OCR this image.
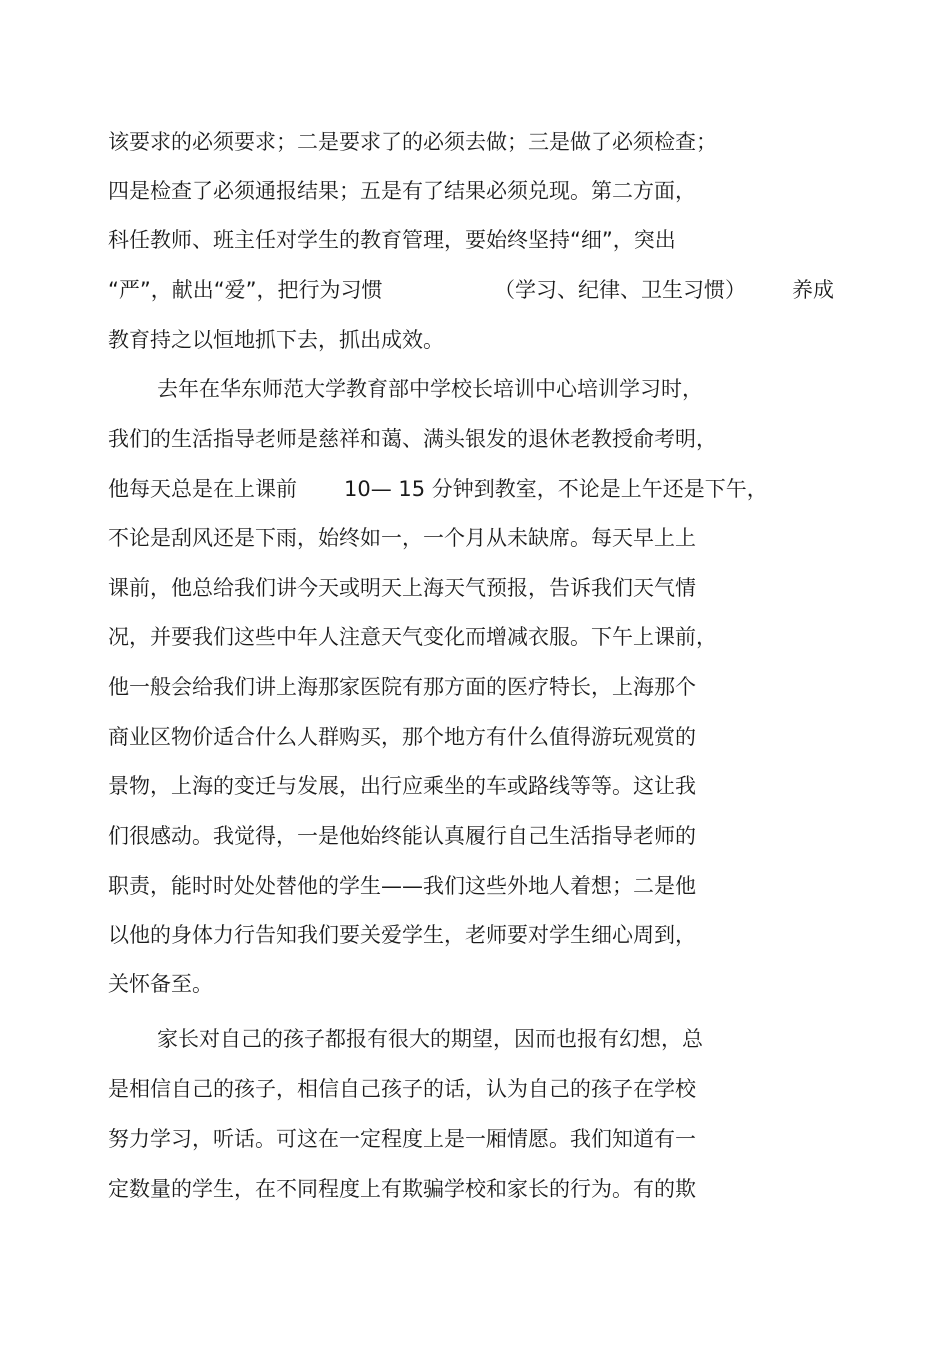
该要求的必须要求；二是要求了的必须去做；三是做了必须检查；
四是检查了必须通报结果；五是有了结果必须兑现。第二方面，
科任教师、班主任对学生的教育管理，要始终坚持“细”，突出
“严”，献出“爱”，把行为习惯	（学习、纪律、卫生习惯） 养成
教育持之以恒地抓下去，抓出成效。
去年在华东师范大学教育部中学校长培训中心培训学习时，
我们的生活指导老师是慈祥和蔼、满头银发的退休老教授俞考明，
他每天总是在上课前 10— 15 分钟到教室，不论是上午还是下午，
不论是刮风还是下雨，始终如一，一个月从未缺席。每天早上上
课前，他总给我们讲今天或明天上海天气预报，告诉我们天气情
况，并要我们这些中年人注意天气变化而增减衣服。下午上课前，
他一般会给我们讲上海那家医院有那方面的医疗特长，上海那个
商业区物价适合什么人群购买，那个地方有什么值得游玩观赏的
景物，上海的变迁与发展，出行应乘坐的车或路线等等。这让我
们很感动。我觉得，一是他始终能认真履行自己生活指导老师的
职责，能时时处处替他的学生——我们这些外地人着想；二是他
以他的身体力行告知我们要关爱学生，老师要对学生细心周到，
关怀备至。
家长对自己的孩子都报有很大的期望，因而也报有幻想，总
是相信自己的孩子，相信自己孩子的话，认为自己的孩子在学校
努力学习，听话。可这在一定程度上是一厢情愿。我们知道有一
定数量的学生，在不同程度上有欺骗学校和家长的行为。有的欺
